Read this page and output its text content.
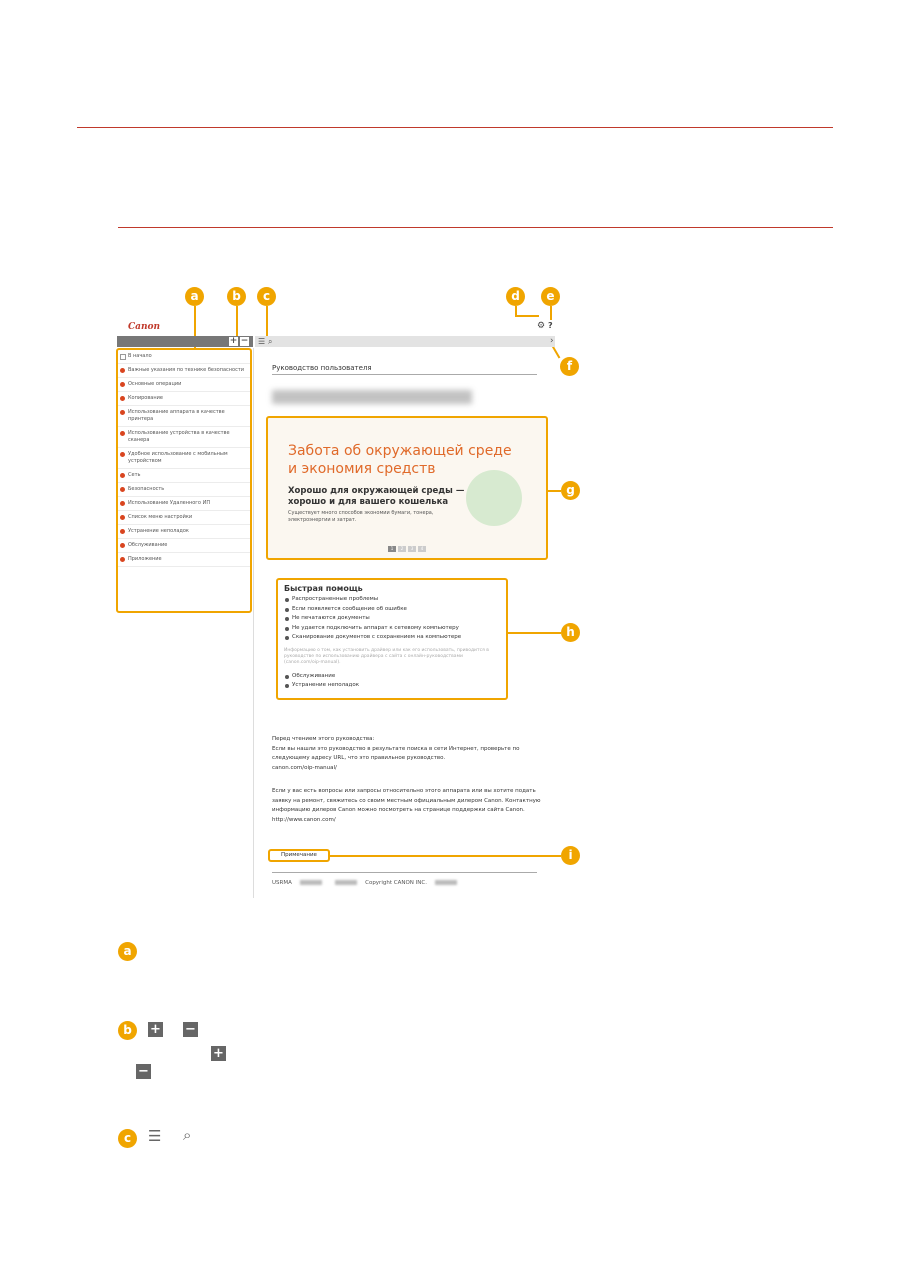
a	b	c	d	e
f
g
h
i
Canon	⚙ ?
+ − ☰ ⌕	›
В начало
Важные указания по технике безопасности
Основные операции
Копирование
Использование аппарата в качестве принтера
Использование устройства в качестве сканера
Удобное использование с мобильным устройством
Сеть
Безопасность
Использование Удаленного ИП
Список меню настройки
Устранение неполадок
Обслуживание
Приложение
Руководство пользователя
Забота об окружающей среде и экономия средств
Хорошо для окружающей среды — хорошо и для вашего кошелька
Существует много способов экономии бумаги, тонера, электроэнергии и затрат.
1	2	3	4
Быстрая помощь
Распространенные проблемы
Если появляется сообщение об ошибке
Не печатаются документы
Не удается подключить аппарат к сетевому компьютеру
Сканирование документов с сохранением на компьютере
Информацию о том, как установить драйвер или как его использовать, приводится в руководстве по использованию драйвера с сайта с онлайн-руководствами (canon.com/oip-manual).
Обслуживание
Устранение неполадок
Перед чтением этого руководства:
Если вы нашли это руководство в результате поиска в сети Интернет, проверьте по следующему адресу URL, что это правильное руководство.
canon.com/oip-manual/
Если у вас есть вопросы или запросы относительно этого аппарата или вы хотите подать заявку на ремонт, свяжитесь со своим местным официальным дилером Canon. Контактную информацию дилеров Canon можно посмотреть на странице поддержки сайта Canon.
http://www.canon.com/
Примечание
USRMA	Copyright CANON INC.
a
b	+ −
+
−
c	☰ ⌕
